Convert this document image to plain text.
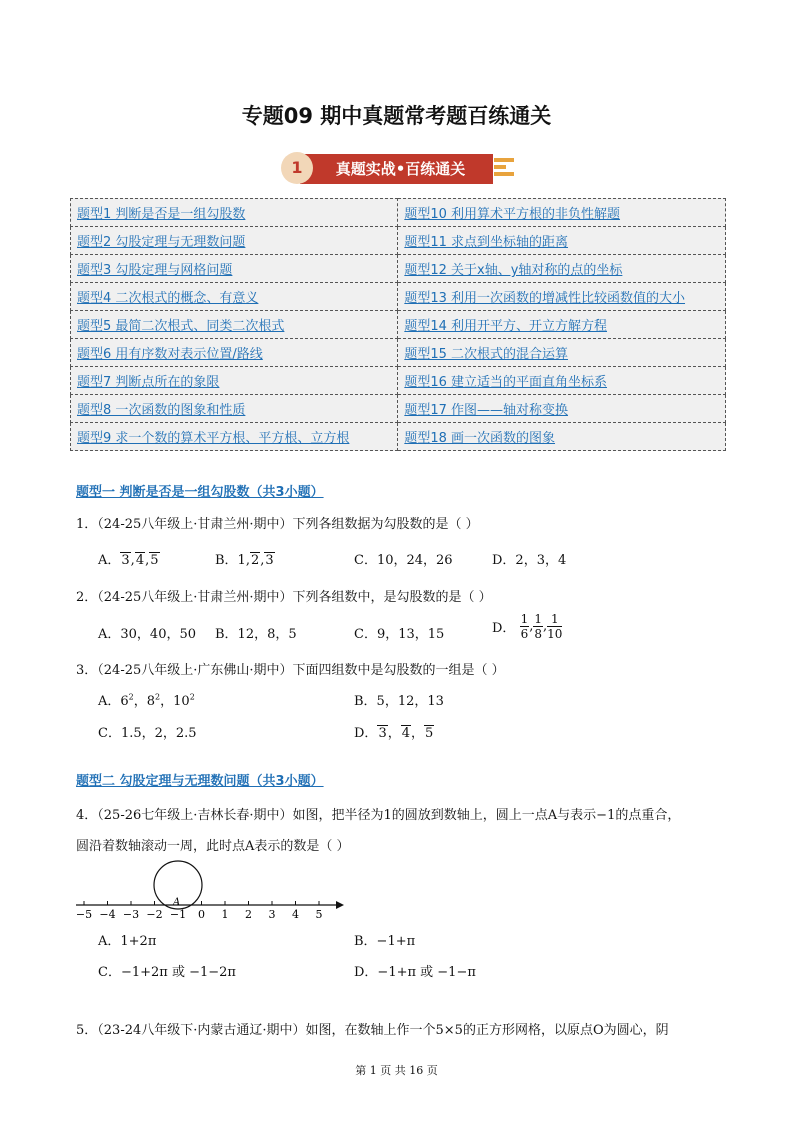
专题09 期中真题常考题百练通关
1	真题实战•百练通关
题型1 判断是否是一组勾股数	题型10 利用算术平方根的非负性解题
题型2 勾股定理与无理数问题	题型11 求点到坐标轴的距离
题型3 勾股定理与网格问题	题型12 关于x轴、y轴对称的点的坐标
题型4 二次根式的概念、有意义	题型13 利用一次函数的增减性比较函数值的大小
题型5 最简二次根式、同类二次根式	题型14 利用开平方、开立方解方程
题型6 用有序数对表示位置/路线	题型15 二次根式的混合运算
题型7 判断点所在的象限	题型16 建立适当的平面直角坐标系
题型8 一次函数的图象和性质	题型17 作图——轴对称变换
题型9 求一个数的算术平方根、平方根、立方根	题型18 画一次函数的图象
题型一 判断是否是一组勾股数（共3小题）
1．（24-25八年级上·甘肃兰州·期中）下列各组数据为勾股数的是（ ）
A．3,4,5	B．1,2,3	C．10，24，26	D．2，3，4
2．（24-25八年级上·甘肃兰州·期中）下列各组数中，是勾股数的是（ ）
A．30，40，50 B．12，8，5	C．9，13，15	D． $\frac{1}{6}$ , $\frac{1}{8}$ , $\frac{1}{10}$
3．（24-25八年级上·广东佛山·期中）下面四组数中是勾股数的一组是（ ）
A．$6^2$，$8^2$，$10^2$	B．5，12，13
C．1.5，2，2.5	D．3，4，5
题型二 勾股定理与无理数问题（共3小题）
4．（25-26七年级上·吉林长春·期中）如图，把半径为1的圆放到数轴上，圆上一点A与表示−1的点重合，
圆沿着数轴滚动一周，此时点A表示的数是（ ）
−5 −4 −3 −2 −1 0 1 2 3 4 5
A
A．1+2π	B．−1+π
C．−1+2π 或 −1−2π	D．−1+π 或 −1−π
5．（23-24八年级下·内蒙古通辽·期中）如图，在数轴上作一个5×5的正方形网格，以原点O为圆心，阴
第 1 页 共 16 页
